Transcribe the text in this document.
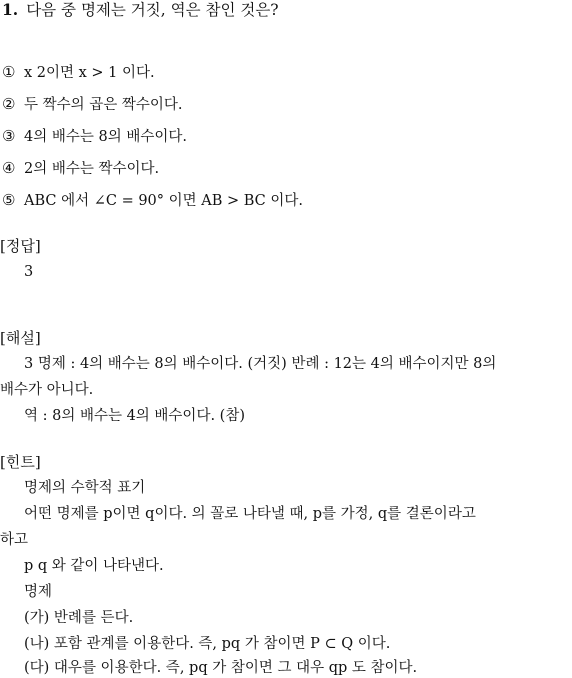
1. 다음 중 명제는 거짓, 역은 참인 것은?
① x 2이면 x > 1 이다.
② 두 짝수의 곱은 짝수이다.
③ 4의 배수는 8의 배수이다.
④ 2의 배수는 짝수이다.
⑤ ABC 에서 ∠C = 90° 이면 AB > BC 이다.
[정답]
3
[해설]
3 명제 : 4의 배수는 8의 배수이다. (거짓) 반례 : 12는 4의 배수이지만 8의
배수가 아니다.
역 : 8의 배수는 4의 배수이다. (참)
[힌트]
명제의 수학적 표기
어떤 명제를 p이면 q이다. 의 꼴로 나타낼 때, p를 가정, q를 결론이라고
하고
p q 와 같이 나타낸다.
명제
(가) 반례를 든다.
(나) 포함 관계를 이용한다. 즉, pq 가 참이면 P ⊂ Q 이다.
(다) 대우를 이용한다. 즉, pq 가 참이면 그 대우 qp 도 참이다.
